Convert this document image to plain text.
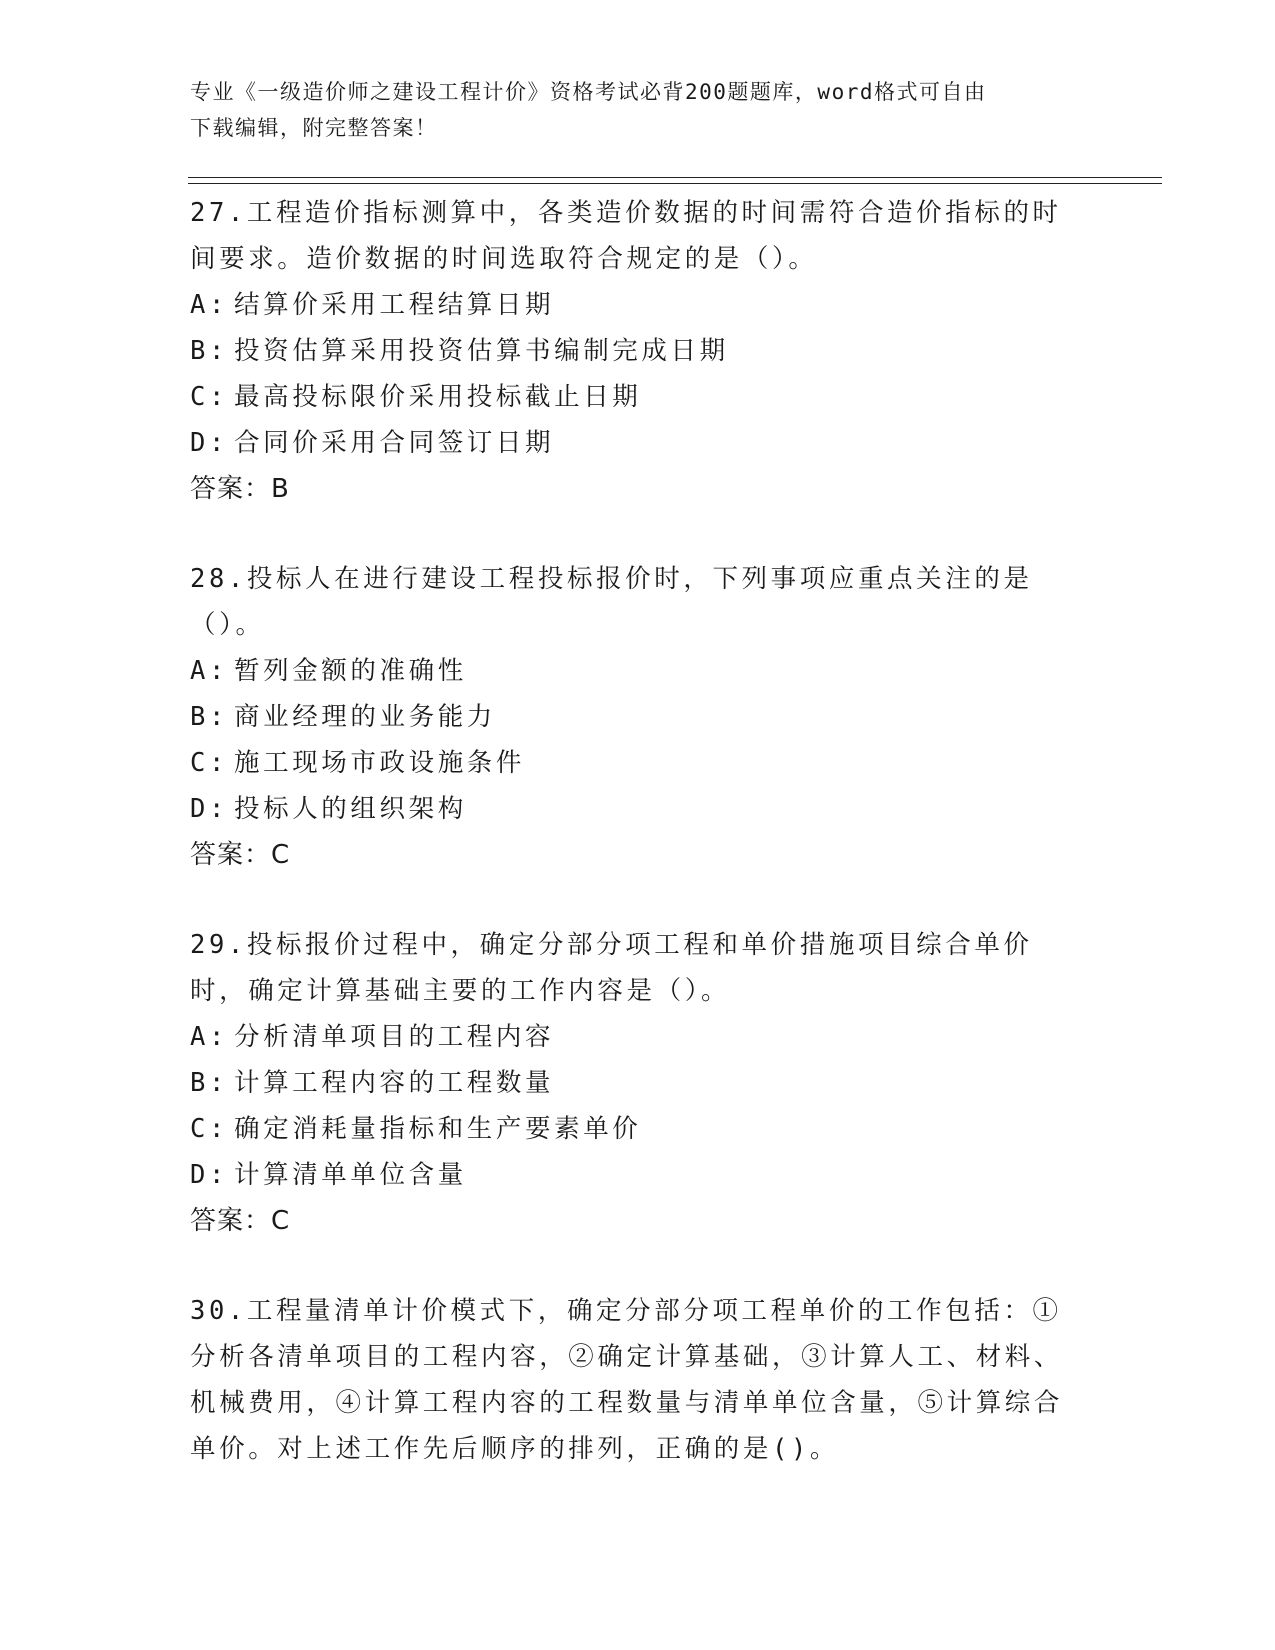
专业《一级造价师之建设工程计价》资格考试必背200题题库，word格式可自由
下载编辑，附完整答案！

27.工程造价指标测算中，各类造价数据的时间需符合造价指标的时间要求。造价数据的时间选取符合规定的是（）。

A: 结算价采用工程结算日期
B: 投资估算采用投资估算书编制完成日期
C: 最高投标限价采用投标截止日期
D: 合同价采用合同签订日期
答案：B

28.投标人在进行建设工程投标报价时，下列事项应重点关注的是（）。

A: 暂列金额的准确性
B: 商业经理的业务能力
C: 施工现场市政设施条件
D: 投标人的组织架构
答案：C

29.投标报价过程中，确定分部分项工程和单价措施项目综合单价时，确定计算基础主要的工作内容是（）。

A: 分析清单项目的工程内容
B: 计算工程内容的工程数量
C: 确定消耗量指标和生产要素单价
D: 计算清单单位含量
答案：C

30.工程量清单计价模式下，确定分部分项工程单价的工作包括：①分析各清单项目的工程内容，②确定计算基础，③计算人工、材料、机械费用，④计算工程内容的工程数量与清单单位含量，⑤计算综合单价。对上述工作先后顺序的排列，正确的是()。
